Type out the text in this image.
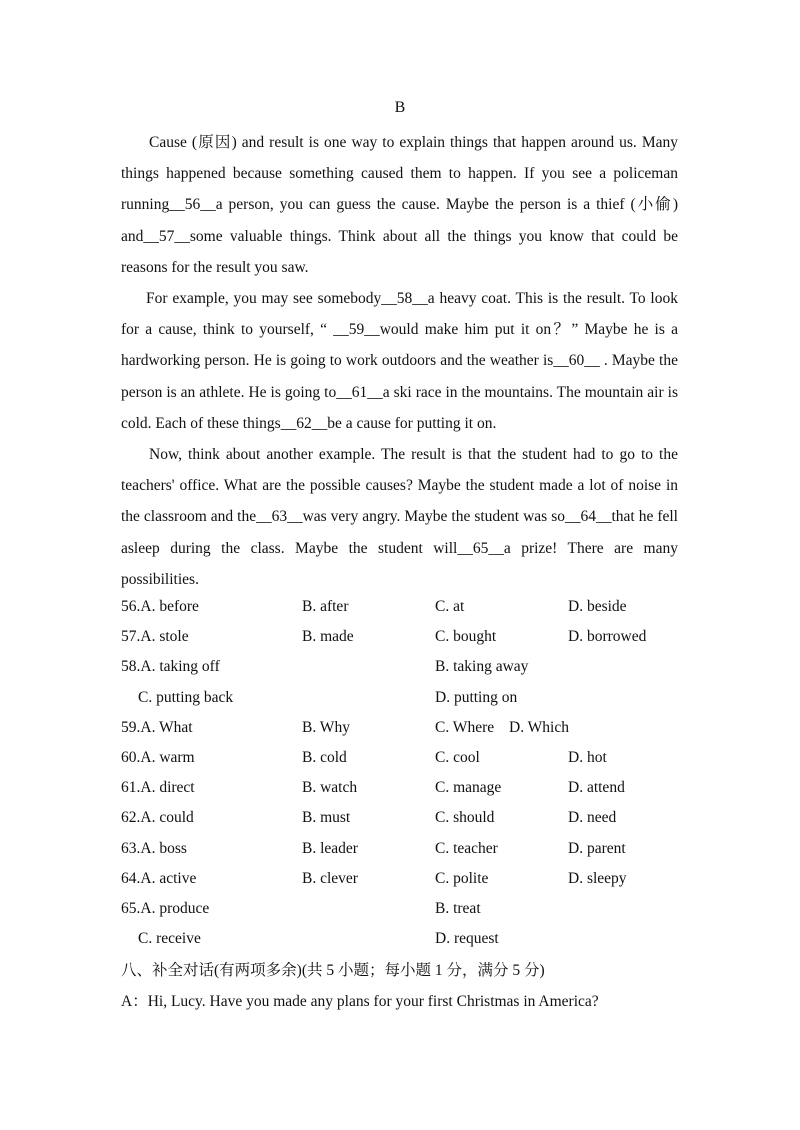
B

Cause (原因) and result is one way to explain things that happen around us. Many things happened because something caused them to happen. If you see a policeman running__56__a person, you can guess the cause. Maybe the person is a thief (小偷) and__57__some valuable things. Think about all the things you know that could be reasons for the result you saw.

For example, you may see somebody__58__a heavy coat. This is the result. To look for a cause, think to yourself, “ __59__would make him put it on？” Maybe he is a hardworking person. He is going to work outdoors and the weather is__60__ . Maybe the person is an athlete. He is going to__61__a ski race in the mountains. The mountain air is cold. Each of these things__62__be a cause for putting it on.

Now, think about another example. The result is that the student had to go to the teachers' office. What are the possible causes? Maybe the student made a lot of noise in the classroom and the__63__was very angry. Maybe the student was so__64__that he fell asleep during the class. Maybe the student will__65__a prize! There are many possibilities.

56.A. before	B. after	C. at	D. beside
57.A. stole	B. made	C. bought	D. borrowed
58.A. taking off	B. taking away
C. putting back	D. putting on
59.A. What	B. Why	C. Where D. Which
60.A. warm	B. cold	C. cool	D. hot
61.A. direct	B. watch	C. manage	D. attend
62.A. could	B. must	C. should	D. need
63.A. boss	B. leader	C. teacher	D. parent
64.A. active	B. clever	C. polite	D. sleepy
65.A. produce	B. treat
C. receive	D. request
八、补全对话(有两项多余)(共 5 小题；每小题 1 分，满分 5 分)
A：Hi, Lucy. Have you made any plans for your first Christmas in America?
